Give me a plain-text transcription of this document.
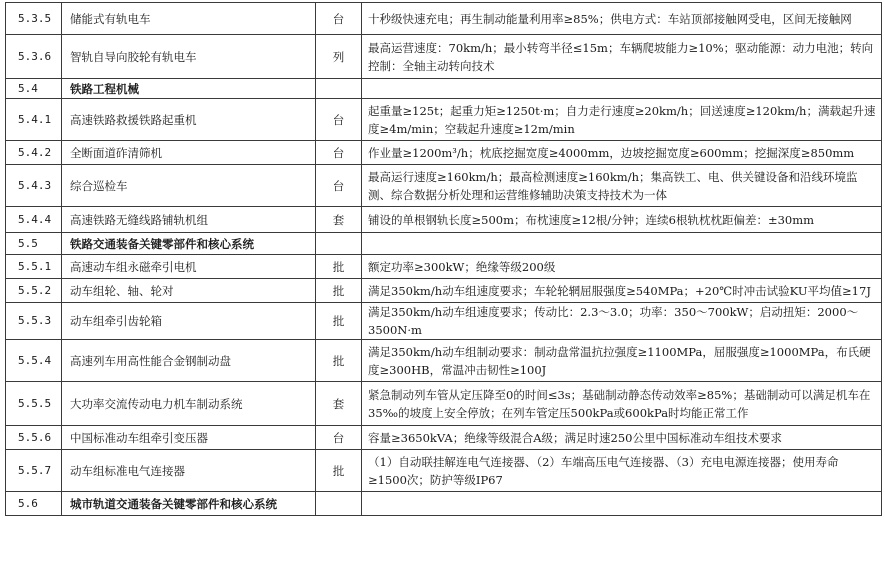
5.3.5	储能式有轨电车	台	十秒级快速充电；再生制动能量利用率≥85%；供电方式：车站顶部接触网受电，区间无接触网
5.3.6	智轨自导向胶轮有轨电车	列	最高运营速度：70km/h；最小转弯半径≤15m；车辆爬坡能力≥10%；驱动能源：动力电池；转向控制：全轴主动转向技术
5.4	铁路工程机械		
5.4.1	高速铁路救援铁路起重机	台	起重量≥125t；起重力矩≥1250t·m；自力走行速度≥20km/h；回送速度≥120km/h；满载起升速度≥4m/min；空载起升速度≥12m/min
5.4.2	全断面道砟清筛机	台	作业量≥1200m³/h；枕底挖掘宽度≥4000mm，边坡挖掘宽度≥600mm；挖掘深度≥850mm
5.4.3	综合巡检车	台	最高运行速度≥160km/h；最高检测速度≥160km/h；集高铁工、电、供关键设备和沿线环境监测、综合数据分析处理和运营维修辅助决策支持技术为一体
5.4.4	高速铁路无缝线路铺轨机组	套	铺设的单根钢轨长度≥500m；布枕速度≥12根/分钟；连续6根轨枕枕距偏差：±30mm
5.5	铁路交通装备关键零部件和核心系统		
5.5.1	高速动车组永磁牵引电机	批	额定功率≥300kW；绝缘等级200级
5.5.2	动车组轮、轴、轮对	批	满足350km/h动车组速度要求；车轮轮辋屈服强度≥540MPa；+20℃时冲击试验KU平均值≥17J
5.5.3	动车组牵引齿轮箱	批	满足350km/h动车组速度要求；传动比：2.3～3.0；功率：350～700kW；启动扭矩：2000～3500N·m
5.5.4	高速列车用高性能合金钢制动盘	批	满足350km/h动车组制动要求：制动盘常温抗拉强度≥1100MPa，屈服强度≥1000MPa，布氏硬度≥300HB，常温冲击韧性≥100J
5.5.5	大功率交流传动电力机车制动系统	套	紧急制动列车管从定压降至0的时间≤3s；基础制动静态传动效率≥85%；基础制动可以满足机车在35‰的坡度上安全停放；在列车管定压500kPa或600kPa时均能正常工作
5.5.6	中国标准动车组牵引变压器	台	容量≥3650kVA；绝缘等级混合A级；满足时速250公里中国标准动车组技术要求
5.5.7	动车组标准电气连接器	批	（1）自动联挂解连电气连接器、（2）车端高压电气连接器、（3）充电电源连接器；使用寿命≥1500次；防护等级IP67
5.6	城市轨道交通装备关键零部件和核心系统		
